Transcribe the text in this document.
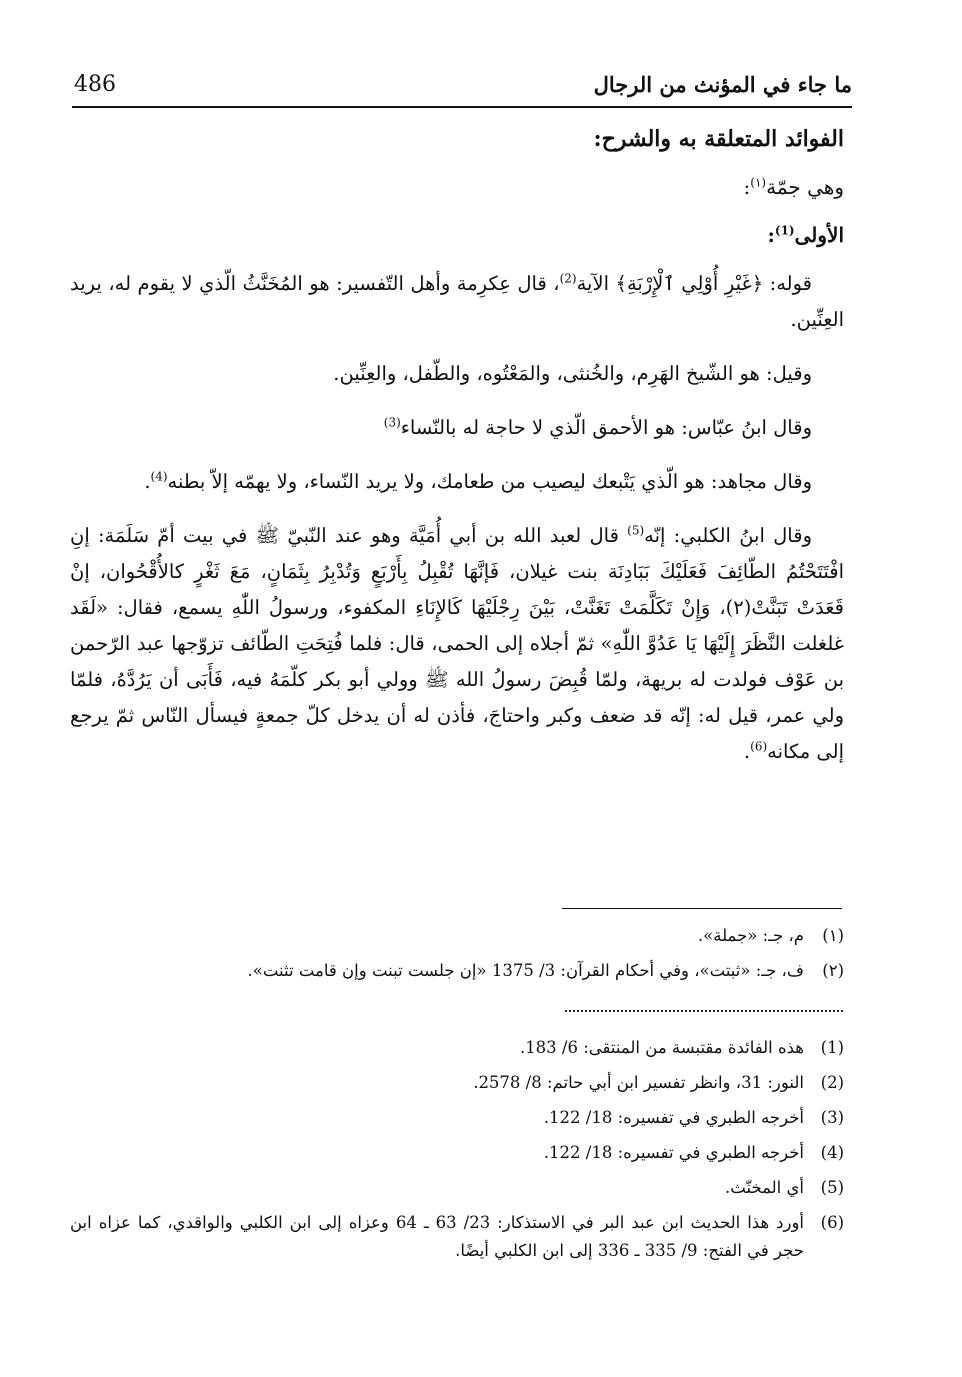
ما جاء في المؤنث من الرجال
486
الفوائد المتعلقة به والشرح:
وهي جمّة$^{(١)}$:
الأولى$^{(1)}$:

قوله: ﴿غَيْرِ أُوْلِي ٱلْإِرْبَةِ﴾ الآية$^{(2)}$، قال عِكرِمة وأهل التّفسير: هو المُخَنَّثُ الّذي لا يقوم له، يريد العِنِّين.

وقيل: هو الشّيخ الهَرِم، والخُنثى، والمَعْتُوه، والطّفل، والعِنِّين.

وقال ابنُ عبّاس: هو الأحمق الّذي لا حاجة له بالنّساء$^{(3)}$

وقال مجاهد: هو الّذي يَتْبعك ليصيب من طعامك، ولا يريد النّساء، ولا يهمّه إلاّ بطنه$^{(4)}$.

وقال ابنُ الكلبي: إنّه$^{(5)}$ قال لعبد الله بن أبي أُمَيَّة وهو عند النّبيّ ﷺ في بيت أمّ سَلَمَة: إنِ افْتَتَحْتُمُ الطّائِفَ فَعَلَيْكَ بَبَادِنَة بنت غيلان، فَإنَّهَا تُقْبِلُ بِأَرْبَعٍ وَتُدْبِرُ بِثَمَانٍ، مَعَ ثَغْرٍ كالأُقْحُوان، إنْ قَعَدَتْ تَبَنَّتْ(٢)، وَإِنْ تَكَلَّمَتْ تَغَنَّتْ، بَيْنَ رِجْلَيْهَا كَالإِنَاءِ المكفوء، ورسولُ اللّٰهِ يسمع، فقال: «لَقَد غلغلت النَّظَرَ إِلَيْهَا يَا عَدُوَّ اللّٰهِ» ثمّ أجلاه إلى الحمى، قال: فلما فُتِحَتِ الطّائف تزوّجها عبد الرّحمن بن عَوْف فولدت له بريهة، ولمّا قُبِضَ رسولُ الله ﷺ وولي أبو بكر كلّمَهُ فيه، فَأَبَى أن يَرُدَّهُ، فلمّا ولي عمر، قيل له: إنّه قد ضعف وكبر واحتاجَ، فأذن له أن يدخل كلّ جمعةٍ فيسأل النّاس ثمّ يرجع إلى مكانه$^{(6)}$.

(١)
م، جـ: «جملة».
(٢)
ف، جـ: «ثبتت»، وفي أحكام القرآن: 3/ 1375 «إن جلست تبنت وإن قامت تثنت».
(1)
هذه الفائدة مقتبسة من المنتقى: 6/ 183.
(2)
النور: 31، وانظر تفسير ابن أبي حاتم: 8/ 2578.
(3)
أخرجه الطبري في تفسيره: 18/ 122.
(4)
أخرجه الطبري في تفسيره: 18/ 122.
(5)
أي المخنّث.
(6)
أورد هذا الحديث ابن عبد البر في الاستذكار: 23/ 63 ـ 64 وعزاه إلى ابن الكلبي والواقدي، كما عزاه ابن حجر في الفتح: 9/ 335 ـ 336 إلى ابن الكلبي أيضًا.
